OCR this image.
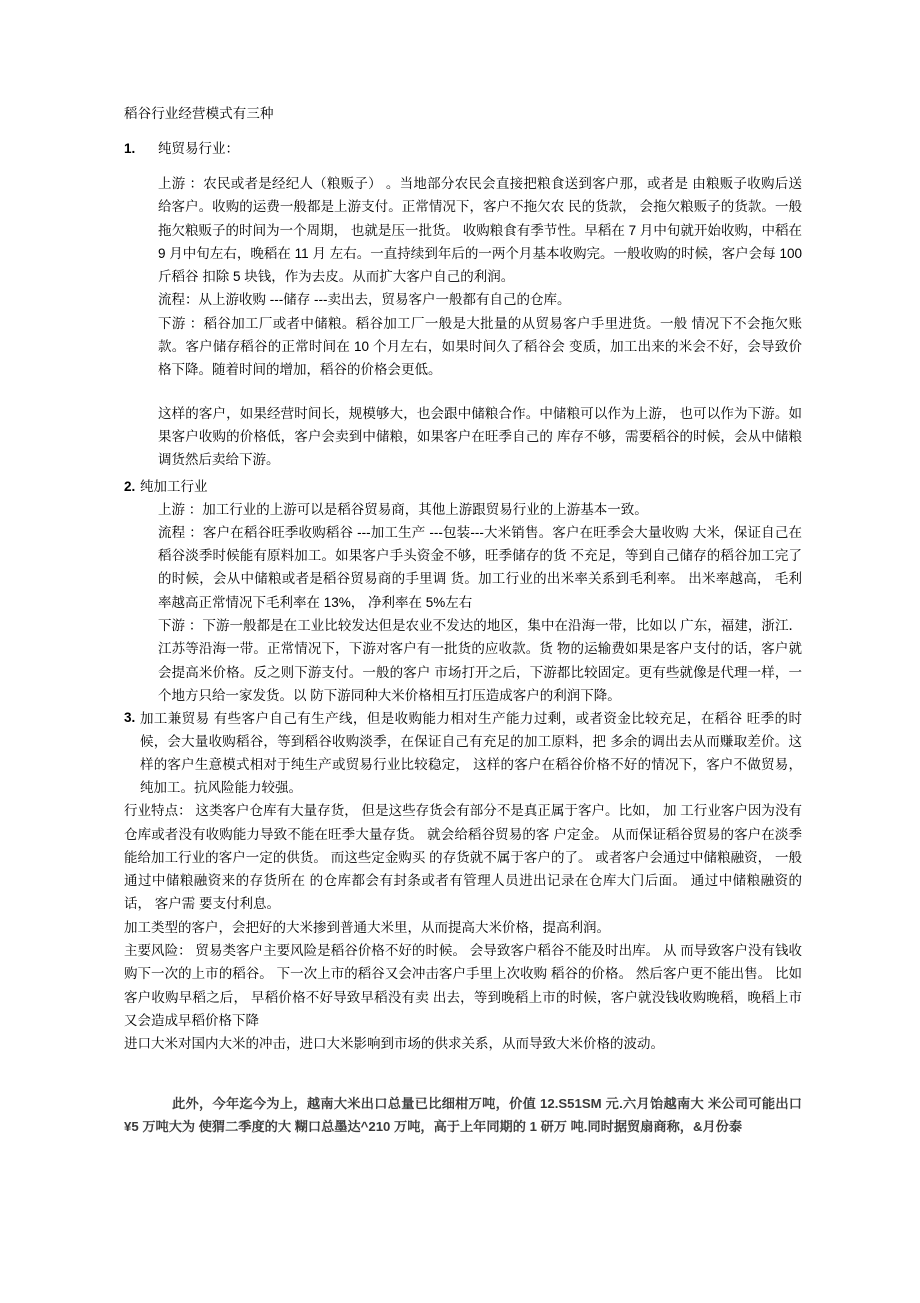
稻谷行业经营模式有三种

1.	纯贸易行业：

上游 ：农民或者是经纪人（粮贩子） 。当地部分农民会直接把粮食送到客户那，或者是 由粮贩子收购后送给客户。收购的运费一般都是上游支付。正常情况下，客户不拖欠农 民的货款， 会拖欠粮贩子的货款。一般拖欠粮贩子的时间为一个周期， 也就是压一批货。 收购粮食有季节性。早稻在 7 月中旬就开始收购，中稻在 9 月中旬左右，晚稻在 11 月 左右。一直持续到年后的一两个月基本收购完。一般收购的时候，客户会每 100 斤稻谷 扣除 5 块钱，作为去皮。从而扩大客户自己的利润。

流程：从上游收购 ---储存 ---卖出去，贸易客户一般都有自己的仓库。

下游 ：稻谷加工厂或者中储粮。稻谷加工厂一般是大批量的从贸易客户手里进货。一般 情况下不会拖欠账款。客户储存稻谷的正常时间在 10 个月左右，如果时间久了稻谷会 变质，加工出来的米会不好，会导致价格下降。随着时间的增加，稻谷的价格会更低。

这样的客户，如果经营时间长，规模够大，也会跟中储粮合作。中储粮可以作为上游， 也可以作为下游。如果客户收购的价格低，客户会卖到中储粮，如果客户在旺季自己的 库存不够，需要稻谷的时候，会从中储粮调货然后卖给下游。

2. 纯加工行业

上游 ：加工行业的上游可以是稻谷贸易商，其他上游跟贸易行业的上游基本一致。

流程 ：客户在稻谷旺季收购稻谷 ---加工生产 ---包装---大米销售。客户在旺季会大量收购 大米，保证自己在稻谷淡季时候能有原料加工。如果客户手头资金不够，旺季储存的货 不充足，等到自己储存的稻谷加工完了的时候，会从中储粮或者是稻谷贸易商的手里调 货。加工行业的出米率关系到毛利率。 出米率越高， 毛利率越高正常情况下毛利率在 13%， 净利率在 5%左右

下游 ：下游一般都是在工业比较发达但是农业不发达的地区，集中在沿海一带，比如以 广东，福建，浙江．江苏等沿海一带。正常情况下，下游对客户有一批货的应收款。货 物的运输费如果是客户支付的话，客户就会提高米价格。反之则下游支付。一般的客户 市场打开之后，下游都比较固定。更有些就像是代理一样，一个地方只给一家发货。以 防下游同种大米价格相互打压造成客户的利润下降。

3. 加工兼贸易 有些客户自己有生产线，但是收购能力相对生产能力过剩，或者资金比较充足，在稻谷 旺季的时候，会大量收购稻谷，等到稻谷收购淡季，在保证自己有充足的加工原料，把 多余的调出去从而赚取差价。这样的客户生意模式相对于纯生产或贸易行业比较稳定， 这样的客户在稻谷价格不好的情况下，客户不做贸易，纯加工。抗风险能力较强。

行业特点： 这类客户仓库有大量存货， 但是这些存货会有部分不是真正属于客户。比如， 加 工行业客户因为没有仓库或者没有收购能力导致不能在旺季大量存货。 就会给稻谷贸易的客 户定金。 从而保证稻谷贸易的客户在淡季能给加工行业的客户一定的供货。 而这些定金购买 的存货就不属于客户的了。 或者客户会通过中储粮融资， 一般通过中储粮融资来的存货所在 的仓库都会有封条或者有管理人员进出记录在仓库大门后面。 通过中储粮融资的话， 客户需 要支付利息。

加工类型的客户，会把好的大米掺到普通大米里，从而提高大米价格，提高利润。

主要风险： 贸易类客户主要风险是稻谷价格不好的时候。 会导致客户稻谷不能及时出库。 从 而导致客户没有钱收购下一次的上市的稻谷。 下一次上市的稻谷又会冲击客户手里上次收购 稻谷的价格。 然后客户更不能出售。 比如客户收购早稻之后， 早稻价格不好导致早稻没有卖 出去，等到晚稻上市的时候，客户就没钱收购晚稻，晚稻上市又会造成早稻价格下降

进口大米对国内大米的冲击，进口大米影响到市场的供求关系，从而导致大米价格的波动。

此外，今年迄今为上，越南大米出口总量已比细柑万吨，价值 12.S51SM 元.六月饴越南大 米公司可能出口¥5 万吨大为 使猬二季度的大 糊口总墨达^210 万吨，高于上年同期的 1 研万 吨.同时据贸扇商称，&月份泰
